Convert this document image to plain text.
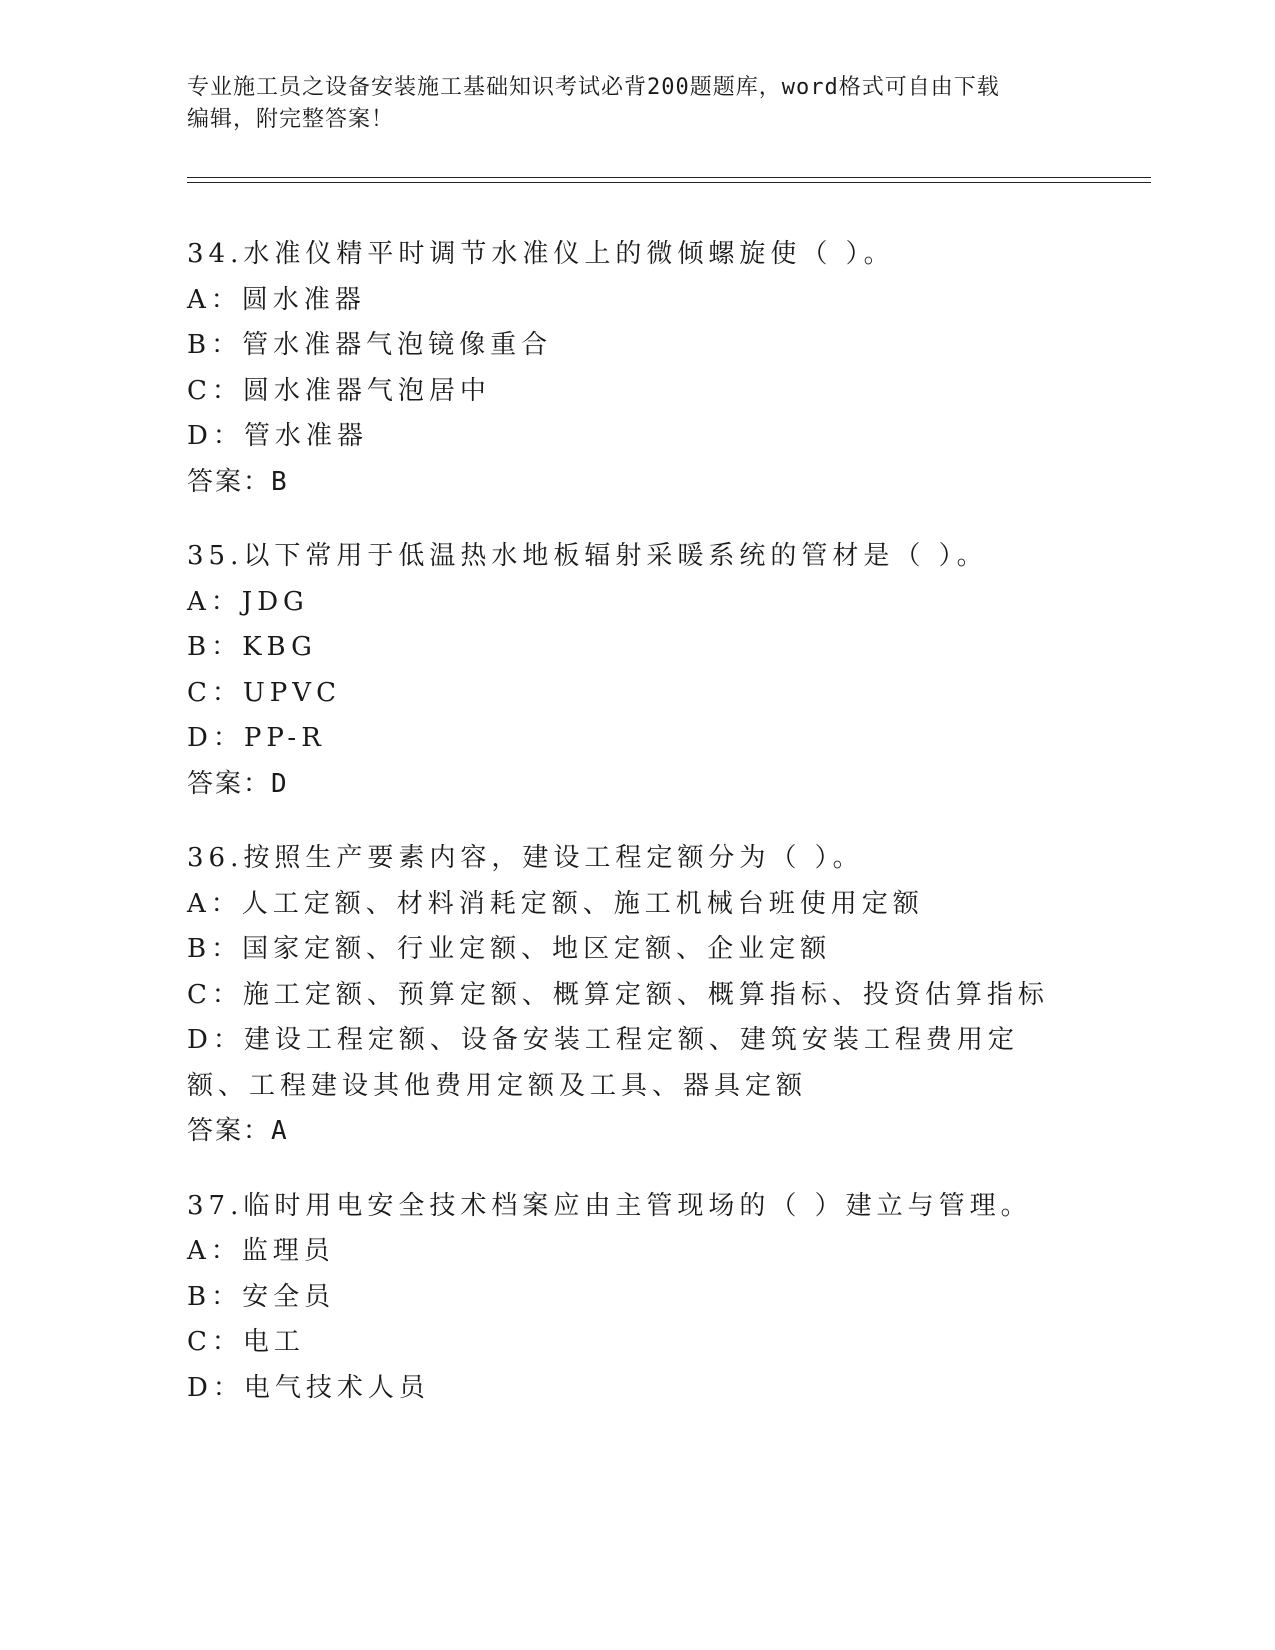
专业施工员之设备安装施工基础知识考试必背200题题库，word格式可自由下载
编辑，附完整答案！
34.水准仪精平时调节水准仪上的微倾螺旋使（ ）。
A：圆水准器
B：管水准器气泡镜像重合
C：圆水准器气泡居中
D：管水准器
答案：B
35.以下常用于低温热水地板辐射采暖系统的管材是（ ）。
A：JDG
B：KBG
C：UPVC
D：PP-R
答案：D
36.按照生产要素内容，建设工程定额分为（ ）。
A：人工定额、材料消耗定额、施工机械台班使用定额
B：国家定额、行业定额、地区定额、企业定额
C：施工定额、预算定额、概算定额、概算指标、投资估算指标
D：建设工程定额、设备安装工程定额、建筑安装工程费用定额、工程建设其他费用定额及工具、器具定额
答案：A
37.临时用电安全技术档案应由主管现场的（ ）建立与管理。
A：监理员
B：安全员
C：电工
D：电气技术人员
